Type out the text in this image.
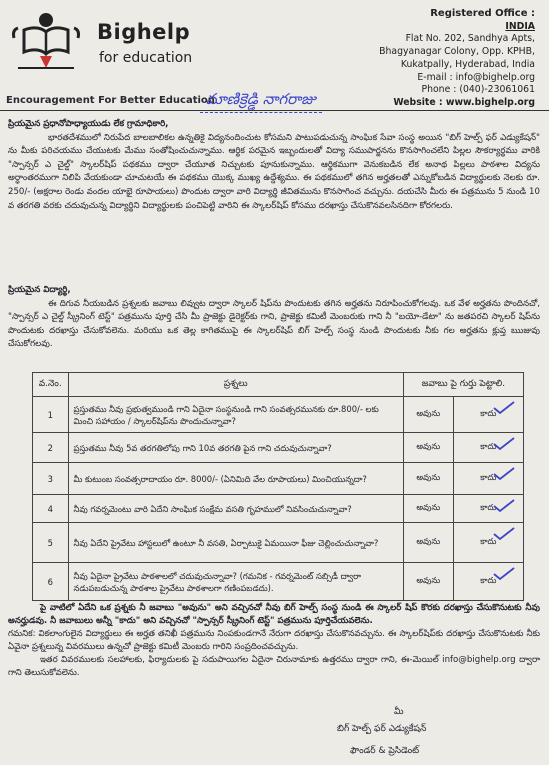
Bighelp
for education
Encouragement For Better Education
మాణిక్రెడ్డి నాగరాజు
Registered Office :
INDIA
Flat No. 202, Sandhya Apts,
Bhagyanagar Colony, Opp. KPHB,
Kukatpally, Hyderabad, India
E-mail : info@bighelp.org
Phone : (040)-23061061
Website : www.bighelp.org
ప్రియమైన ప్రధానోపాధ్యాయుడు లేక గ్రామాధికారి,
భారతదేశములో నిరుపేద బాలబాలికల ఉన్నతికై విద్యనందించుట కోసమని పాటుపడుచున్న సాంఘిక సేవా సంస్థ అయిన "బిగ్ హెల్ప్ ఫర్ ఎడ్యుకేషన్" ను మీకు పరిచయము చేయుటకు మేము సంతోషించుచున్నాము. ఆర్థిక పరమైన ఇబ్బందులతో విద్యా సముపార్జనను కొనసాగించలేని పిల్లల సౌకర్యార్థము వారికి "స్పాన్సర్ ఎ చైల్డ్" స్కాలర్‌షిప్ పథకము ద్వారా చేయూత నిచ్చుటకు పూనుకున్నాము. ఆర్థికముగా వెనుకబడిన లేక అనాథ పిల్లలు పాఠశాల విద్యను అర్ధాంతరముగా నిలిపి వేయకుండా చూచుటయే ఈ పథకము యొక్క ముఖ్య ఉద్దేశ్యము. ఈ పథకములో తగిన అర్హతలతో ఎన్నుకోబడిన విద్యార్థులకు నెలకు రూ. 250/- (అక్షరాల రెండు వందల యాభై రూపాయలు) పొందుట ద్వారా వారి విద్యార్థి జీవితమును కొనసాగించ వచ్చును. దయచేసి మీరు ఈ పత్రమును 5 నుండి 10 వ తరగతి వరకు చదువుచున్న విద్యార్థిని విద్యార్థులకు పంచిపెట్టి వారిని ఈ స్కాలర్‌షిప్ కోసము దరఖాస్తు చేసుకొనవలసినదిగా కోరగలరు.
ప్రియమైన విద్యార్థి,
ఈ దిగువ నీయబడిన ప్రశ్నలకు జవాబు లివ్వుట ద్వారా స్కాలర్ షిప్‌ను పొందుటకు తగిన అర్హతను నిరూపించుకోగలవు. ఒక వేళ అర్హతను పొందినచో, "స్పాన్సర్ ఎ చైల్డ్ స్క్రీనింగ్ టెస్ట్" పత్రమును పూర్తి చేసి మీ ప్రాజెక్టు డైరెక్టర్‌కు గాని, ప్రాజెక్టు కమిటీ మెంబరుకు గాని నీ "బయో-డేటా" ను జతపరచి స్కాలర్ షిప్‌ను పొందుటకు దరఖాస్తు చేసుకోవలెను. మరియు ఒక తెల్ల కాగితముపై ఈ స్కాలర్‌షిప్ బిగ్ హెల్ప్ సంస్థ నుండి పొందుటకు నీకు గల అర్హతను క్లుప్త ఋజువు చేసుకోగలవు.
వ.నెం.	ప్రశ్నలు	జవాబు పై గుర్తు పెట్టాలి.	
1	ప్రస్తుతము నీవు ప్రభుత్వముండి గాని ఏదైనా సంస్థనుండి గాని సంవత్సరమునకు రూ.800/- లకు మించి సహాయం / స్కాలర్‌షిప్‌ను పొందుచున్నావా?	అవును	కాదు

2	ప్రస్తుతము నీవు 5వ తరగతిలోపు గాని 10వ తరగతి పైన గాని చదువుచున్నావా?	అవును	కాదు

3	మీ కుటుంబ సంవత్సరాదాయం రూ. 8000/- (ఏనిమిది వేల రూపాయలు) మించియున్నదా?	అవును	కాదు

4	నీవు గవర్నమెంటు వారి ఏదేని సాంఘిక సంక్షేమ వసతి గృహములో నివసించుచున్నావా?	అవును	కాదు

5	నీవు ఏదేని ప్రైవేటు హాస్టలులో ఉంటూ నీ వసతి, ఏర్పాటుకై ఏమయినా ఫీజు చెల్లించుచున్నావా?	అవును	కాదు

6	నీవు ఏదైనా ప్రైవేటు పాఠశాలలో చదువుచున్నావా? (గమనిక - గవర్నమెంట్ సబ్సిడీ ద్వారా నడుపబడుచున్న పాఠశాల ప్రైవేటు పాఠశాలగా గణింపబడదు).	అవును	కాదు
పై వాటిలో ఏదేని ఒక ప్రశ్నకు నీ జవాబు "అవును" అని వచ్చినచో నీవు బిగ్ హెల్ప్ సంస్థ నుండి ఈ స్కాలర్ షిప్ కొరకు దరఖాస్తు చేసుకొనుటకు నీవు అనర్హుడవు. నీ జవాబులు అన్నీ "కాదు" అని వచ్చినచో "స్పాన్సర్ స్క్రీనింగ్ టెస్ట్" పత్రమును పూర్తిచేయవలెను.
గమనిక: వికలాంగులైన విద్యార్థులు ఈ అర్హత తనిఖీ పత్రమును నింపకుండగానే నేరుగా దరఖాస్తు చేసుకొనవచ్చును. ఈ స్కాలర్‌షిప్‌కు దరఖాస్తు చేసుకొనుటకు నీకు ఏవైనా ప్రశ్నలున్న వివరములు ఉన్నచో ప్రాజెక్టు కమిటీ మెంబరు గారిని సంప్రదించవచ్చును.
ఇతర వివరములకు సలహాలకు, ఫిర్యాదులకు పై సదుపాయిగల ఏదైనా చిరునామాకు ఉత్తరము ద్వారా గాని, ఈ-మెయిల్ info@bighelp.org ద్వారా గాని తెలుసుకోవలెను.
మీ
బిగ్ హెల్ప్ ఫర్ ఎడ్యుకేషన్
ఫౌండర్ & ప్రెసిడెంట్
